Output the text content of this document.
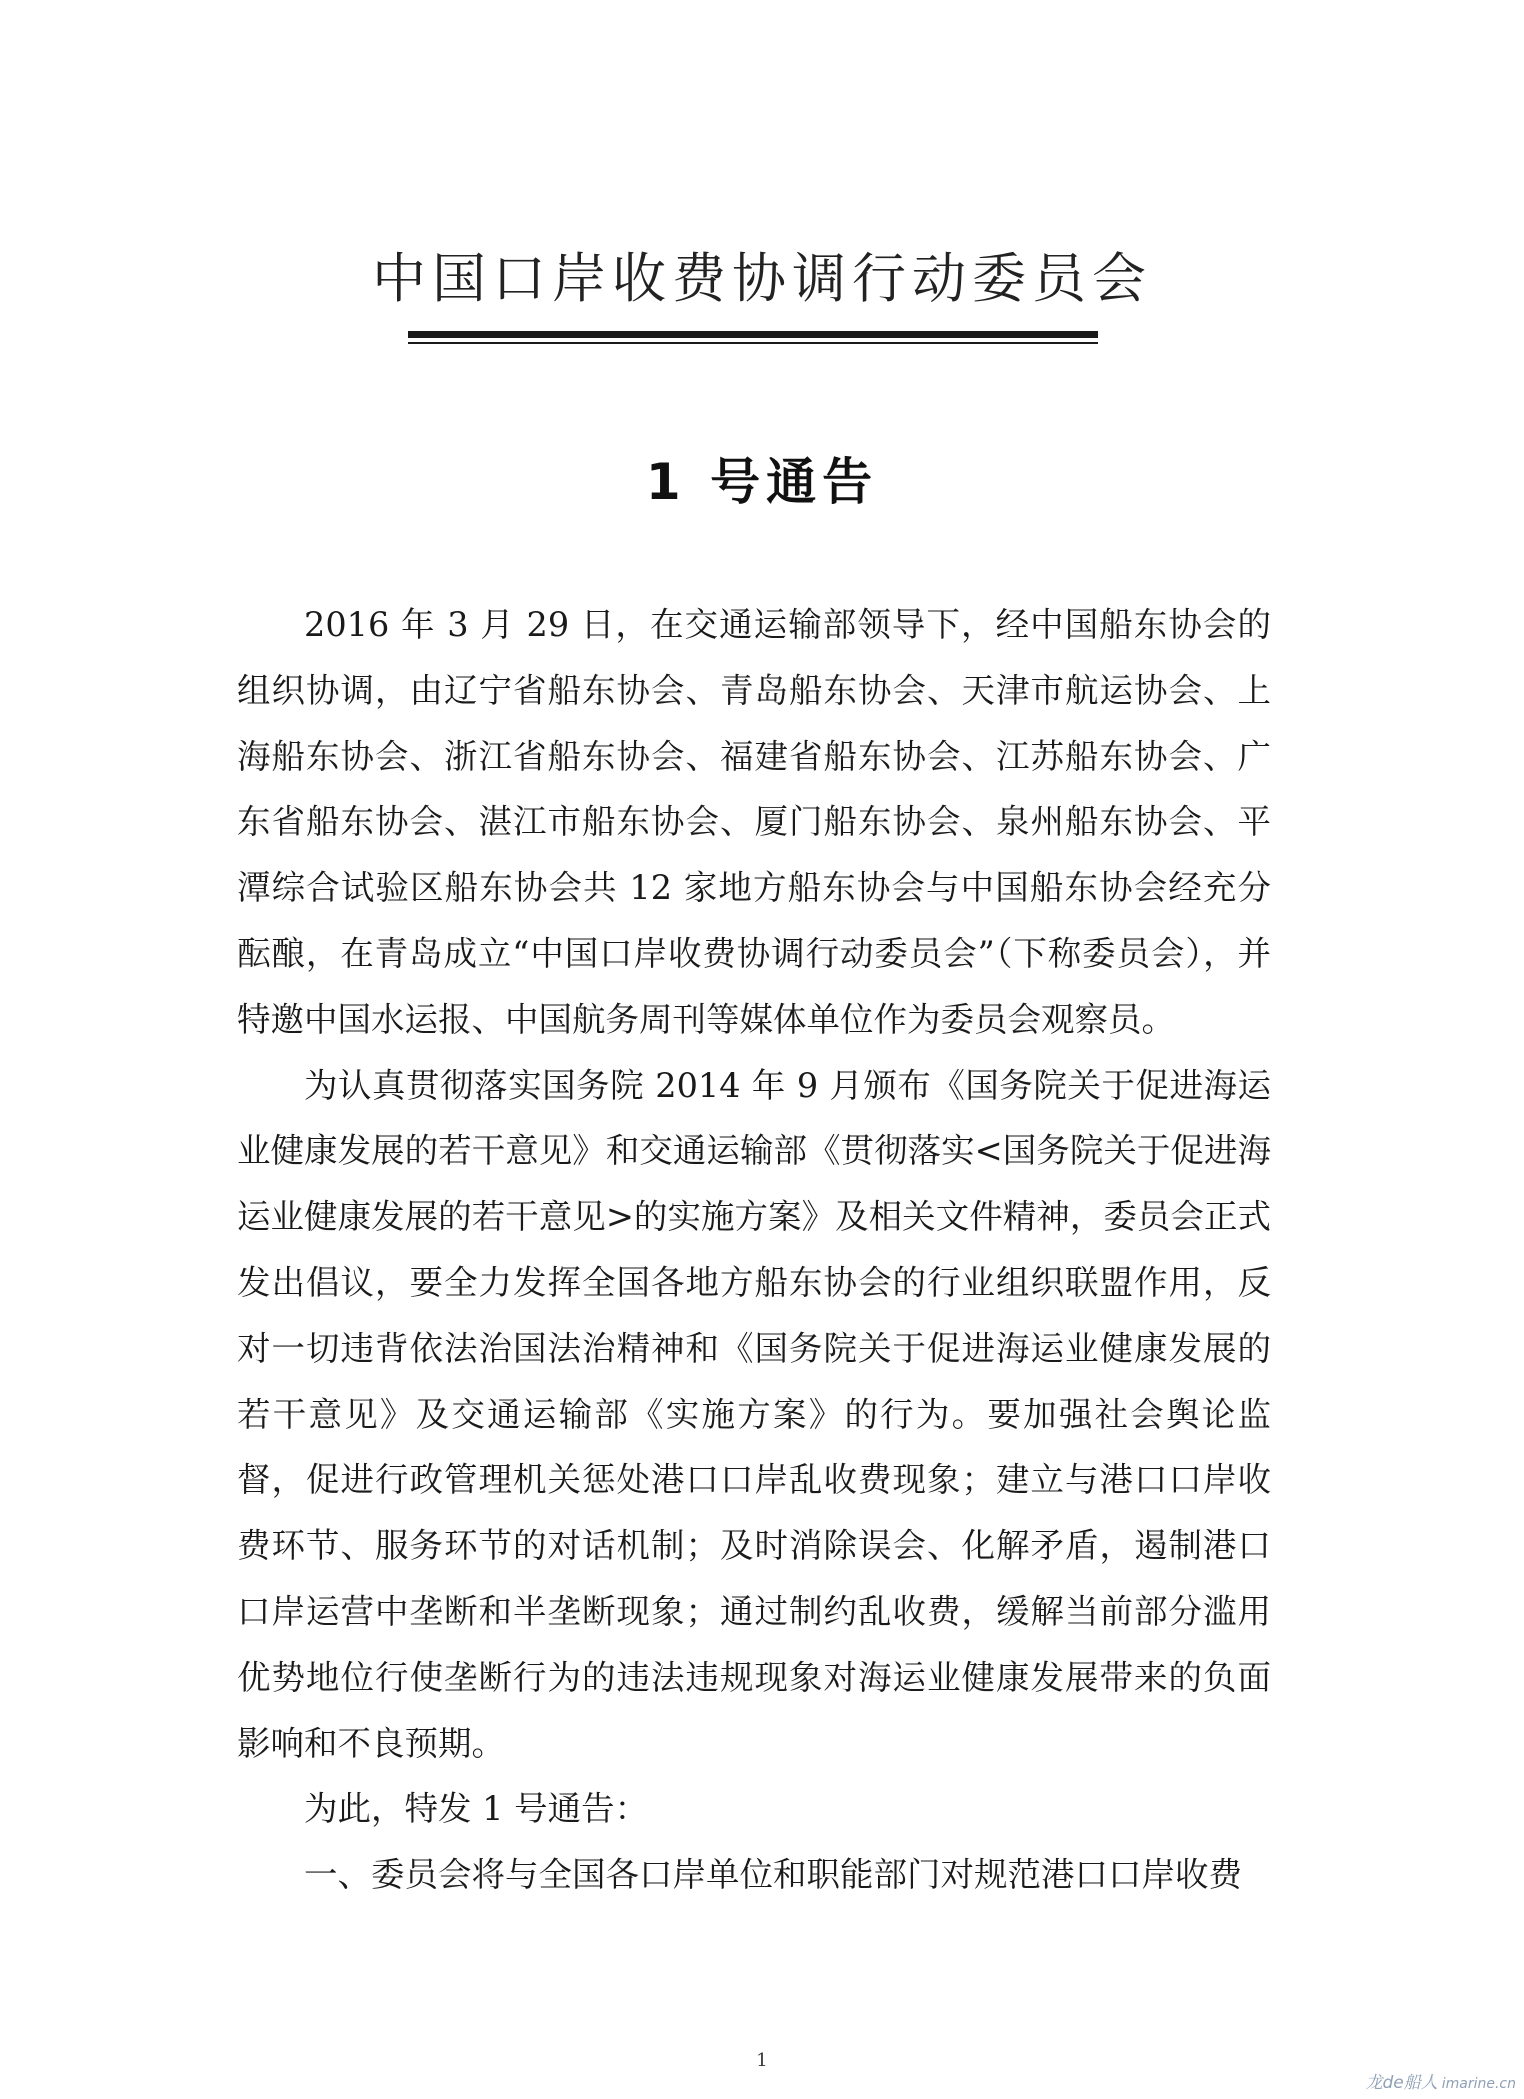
中国口岸收费协调行动委员会
1 号通告

2016 年 3 月 29 日，在交通运输部领导下，经中国船东协会的组织协调，由辽宁省船东协会、青岛船东协会、天津市航运协会、上海船东协会、浙江省船东协会、福建省船东协会、江苏船东协会、广东省船东协会、湛江市船东协会、厦门船东协会、泉州船东协会、平潭综合试验区船东协会共 12 家地方船东协会与中国船东协会经充分酝酿，在青岛成立“中国口岸收费协调行动委员会”（下称委员会），并特邀中国水运报、中国航务周刊等媒体单位作为委员会观察员。

为认真贯彻落实国务院 2014 年 9 月颁布《国务院关于促进海运业健康发展的若干意见》和交通运输部《贯彻落实<国务院关于促进海运业健康发展的若干意见>的实施方案》及相关文件精神，委员会正式发出倡议，要全力发挥全国各地方船东协会的行业组织联盟作用，反对一切违背依法治国法治精神和《国务院关于促进海运业健康发展的若干意见》及交通运输部《实施方案》的行为。要加强社会舆论监督，促进行政管理机关惩处港口口岸乱收费现象；建立与港口口岸收费环节、服务环节的对话机制；及时消除误会、化解矛盾，遏制港口口岸运营中垄断和半垄断现象；通过制约乱收费，缓解当前部分滥用优势地位行使垄断行为的违法违规现象对海运业健康发展带来的负面影响和不良预期。

为此，特发 1 号通告：

一、委员会将与全国各口岸单位和职能部门对规范港口口岸收费

1
龙de船人 imarine.cn
